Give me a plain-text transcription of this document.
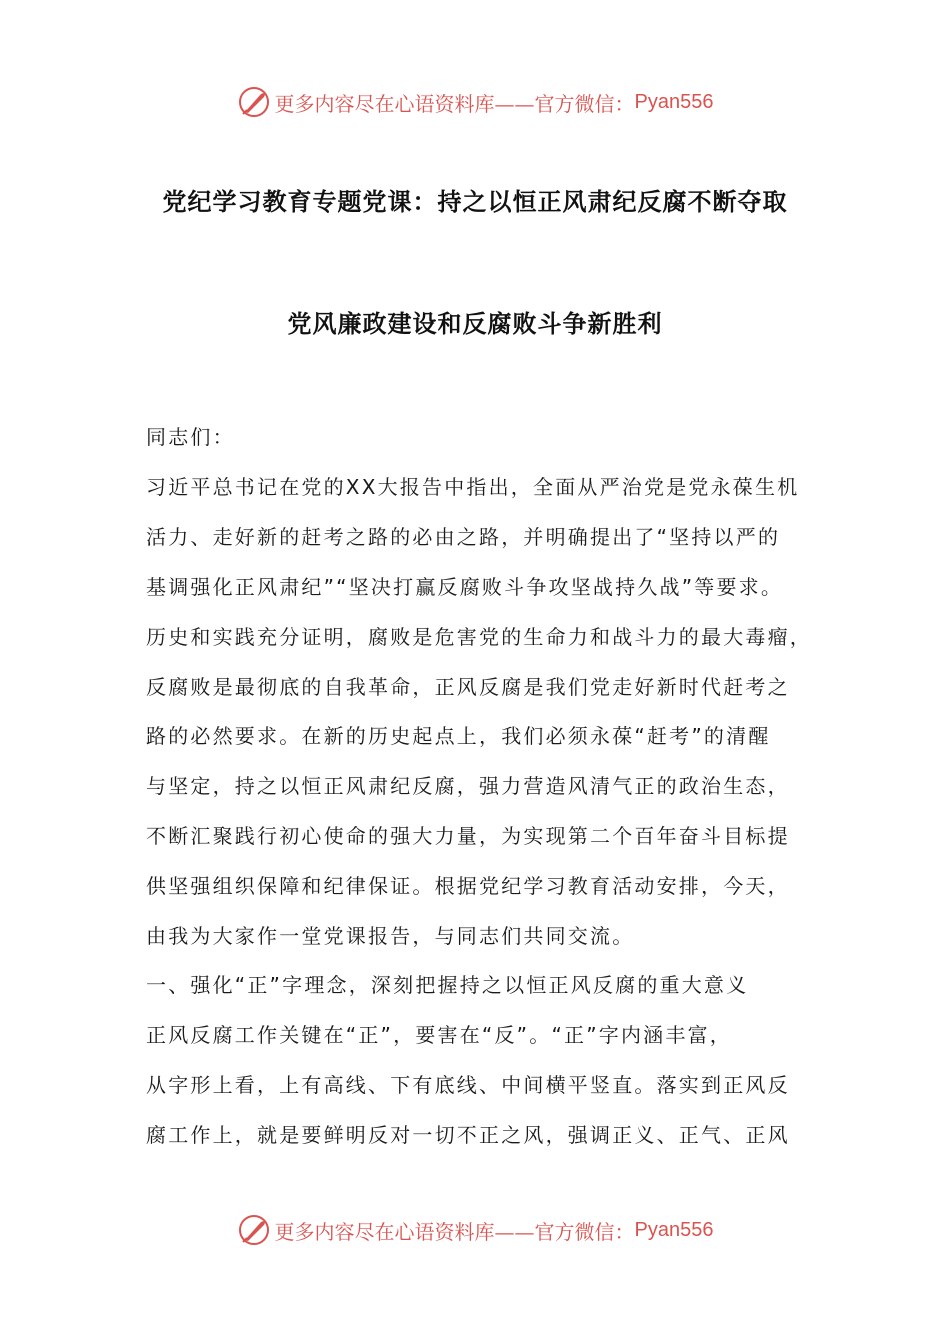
更多内容尽在心语资料库——官方微信： Pyan556
党纪学习教育专题党课：持之以恒正风肃纪反腐不断夺取
党风廉政建设和反腐败斗争新胜利
同志们：
习近平总书记在党的XX大报告中指出，全面从严治党是党永葆生机
活力、走好新的赶考之路的必由之路，并明确提出了“坚持以严的
基调强化正风肃纪”“坚决打赢反腐败斗争攻坚战持久战”等要求。
历史和实践充分证明，腐败是危害党的生命力和战斗力的最大毒瘤，
反腐败是最彻底的自我革命，正风反腐是我们党走好新时代赶考之
路的必然要求。在新的历史起点上，我们必须永葆“赶考”的清醒
与坚定，持之以恒正风肃纪反腐，强力营造风清气正的政治生态，
不断汇聚践行初心使命的强大力量，为实现第二个百年奋斗目标提
供坚强组织保障和纪律保证。根据党纪学习教育活动安排，今天，
由我为大家作一堂党课报告，与同志们共同交流。
一、强化“正”字理念，深刻把握持之以恒正风反腐的重大意义
正风反腐工作关键在“正”，要害在“反”。“正”字内涵丰富，
从字形上看，上有高线、下有底线、中间横平竖直。落实到正风反
腐工作上，就是要鲜明反对一切不正之风，强调正义、正气、正风
更多内容尽在心语资料库——官方微信： Pyan556
